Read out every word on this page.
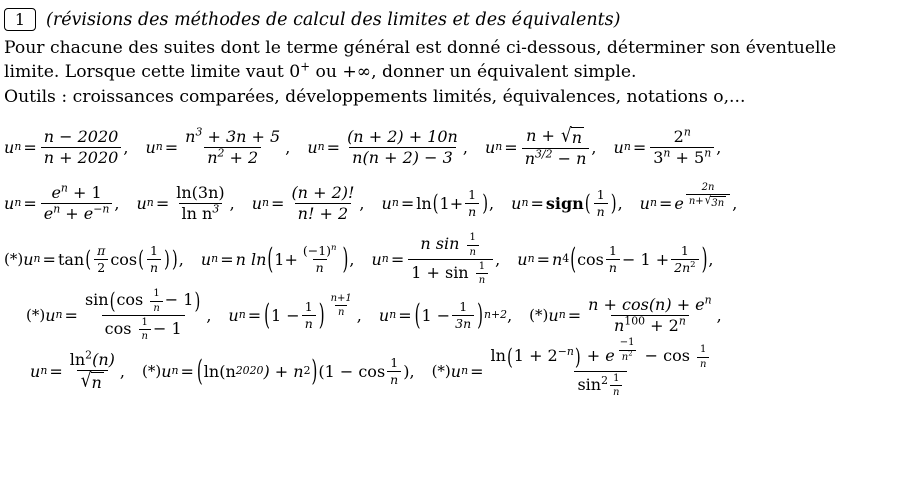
1	(révisions des méthodes de calcul des limites et des équivalents)
Pour chacune des suites dont le terme général est donné ci-dessous, déterminer son éventuelle
limite. Lorsque cette limite vaut 0+ ou +∞, donner un équivalent simple.
Outils : croissances comparées, développements limités, équivalences, notations o,...
u $n = \frac{n - 2020}{n + 2020}$ , u $n = \frac{n^3 + 3n + 5}{n^2 + 2}$ , u $n = \frac{(n + 2) + 10n}{n(n + 2) - 3}$ , u $n = \frac{n + √ n}{n^{3/2} - n}$ , u $n = \frac{2^n}{3^n + 5^n}$ ,
u $n = \frac{e^n + 1}{e^n + e^{-n}}$ , u $n = \frac{\ln(3n)}{\ln n^3}$ , u $n = \frac{(n + 2)!}{n! + 2}$ , u n = ln ( $1+ \frac{1}{n}$ ) , u n = sign ( $\frac{1}{n}$ ) , u n = e $\frac{2n}{n+ √ 3n}$ ,
(*) u n = tan ( $\frac{\pi}{2}$ cos ( $\frac{1}{n}$ ) ) , u n = n ln ( $1+ \frac{(-1)^n}{n}$ ) , u $n = \frac{n \sin \frac{1}{n}}{1 + \sin \frac{1}{n}}$ , u n = n 4 ( $\cos \frac{1}{n} - 1 + \frac{1}{2n^2}$ ) ,
(*) u $n = \frac{\sin(\cos \frac{1}{n} - 1)}{\cos \frac{1}{n} - 1}$ , u n = ( $1 - \frac{1}{n}$ ) $\frac{n+1}{n}$ , u n = ( $1 - \frac{1}{3n}$ ) n+2 , (*) u $n = \frac{n + \cos(n) + e^n}{n^{100} + 2^n}$ ,
u $n = \frac{\ln^2(n)}{√ n}$ , (*) u n = ( ln(n 2020 ) + n 2 ) ($1 - \cos \frac{1}{n}$ ) , (*) u $n = \frac{\ln(1 + 2^{-n}) + e \frac{-1}{n^2} - \cos \frac{1}{n}}{\sin^2 \frac{1}{n}}$
